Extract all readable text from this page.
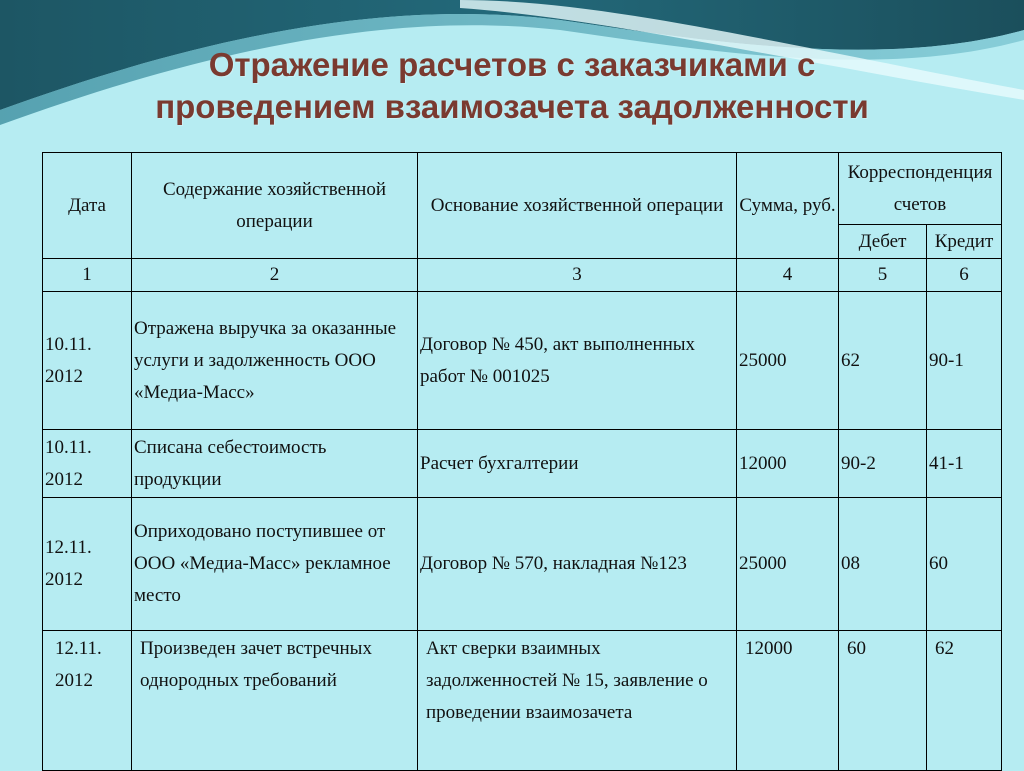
Отражение расчетов с заказчиками с
проведением взаимозачета задолженности
Дата	Содержание хозяйственной операции	Основание хозяйственной операции	Сумма, руб.	Корреспонденция счетов	
				Дебет	Кредит
1	2	3	4	5	6
10.11. 2012	Отражена выручка за оказанные услуги и задолженность ООО «Медиа-Масс»	Договор № 450, акт выполненных работ № 001025	25000	62	90-1
10.11. 2012	Списана себестоимость продукции	Расчет бухгалтерии	12000	90-2	41-1
12.11. 2012	Оприходовано поступившее от ООО «Медиа-Масс» рекламное место	Договор № 570, накладная №123	25000	08	60
12.11. 2012	Произведен зачет встречных однородных требований	Акт сверки взаимных задолженностей № 15, заявление о проведении взаимозачета	12000	60	62
